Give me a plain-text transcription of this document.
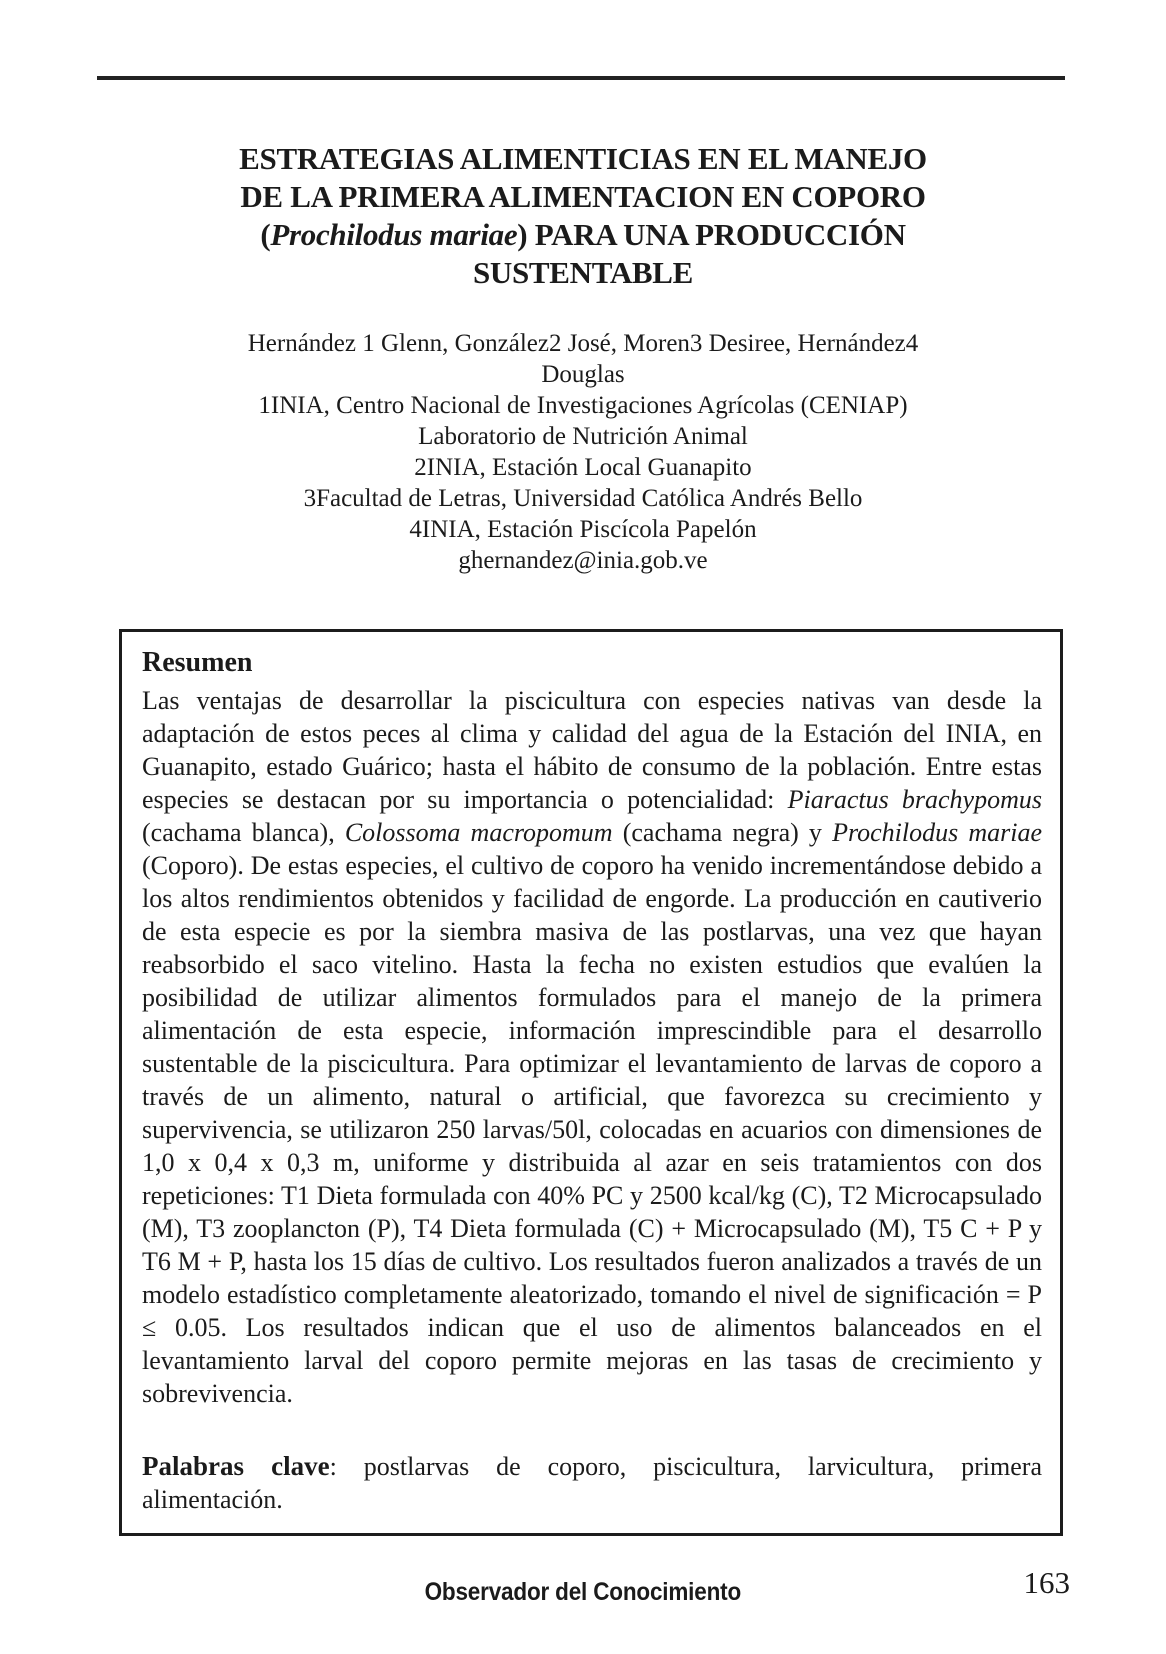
ESTRATEGIAS ALIMENTICIAS EN EL MANEJO
DE LA PRIMERA ALIMENTACION EN COPORO
(Prochilodus mariae) PARA UNA PRODUCCIÓN
SUSTENTABLE
Hernández 1 Glenn, González2 José, Moren3 Desiree, Hernández4
Douglas
1INIA, Centro Nacional de Investigaciones Agrícolas (CENIAP)
Laboratorio de Nutrición Animal
2INIA, Estación Local Guanapito
3Facultad de Letras, Universidad Católica Andrés Bello
4INIA, Estación Piscícola Papelón
ghernandez@inia.gob.ve
Resumen

Las ventajas de desarrollar la piscicultura con especies nativas van desde la adaptación de estos peces al clima y calidad del agua de la Estación del INIA, en Guanapito, estado Guárico; hasta el hábito de consumo de la población. Entre estas especies se destacan por su importancia o potencialidad: Piaractus brachypomus (cachama blanca), Colossoma macropomum (cachama negra) y Prochilodus mariae (Coporo). De estas especies, el cultivo de coporo ha venido incrementándose debido a los altos rendimientos obtenidos y facilidad de engorde. La producción en cautiverio de esta especie es por la siembra masiva de las postlarvas, una vez que hayan reabsorbido el saco vitelino. Hasta la fecha no existen estudios que evalúen la posibilidad de utilizar alimentos formulados para el manejo de la primera alimentación de esta especie, información imprescindible para el desarrollo sustentable de la piscicultura. Para optimizar el levantamiento de larvas de coporo a través de un alimento, natural o artificial, que favorezca su crecimiento y supervivencia, se utilizaron 250 larvas/50l, colocadas en acuarios con dimensiones de 1,0 x 0,4 x 0,3 m, uniforme y distribuida al azar en seis tratamientos con dos repeticiones: T1 Dieta formulada con 40% PC y 2500 kcal/kg (C), T2 Microcapsulado (M), T3 zooplancton (P), T4 Dieta formulada (C) + Microcapsulado (M), T5 C + P y T6 M + P, hasta los 15 días de cultivo. Los resultados fueron analizados a través de un modelo estadístico completamente aleatorizado, tomando el nivel de significación = P ≤ 0.05. Los resultados indican que el uso de alimentos balanceados en el levantamiento larval del coporo permite mejoras en las tasas de crecimiento y sobrevivencia.

Palabras clave: postlarvas de coporo, piscicultura, larvicultura, primera alimentación.

Observador del Conocimiento	163
